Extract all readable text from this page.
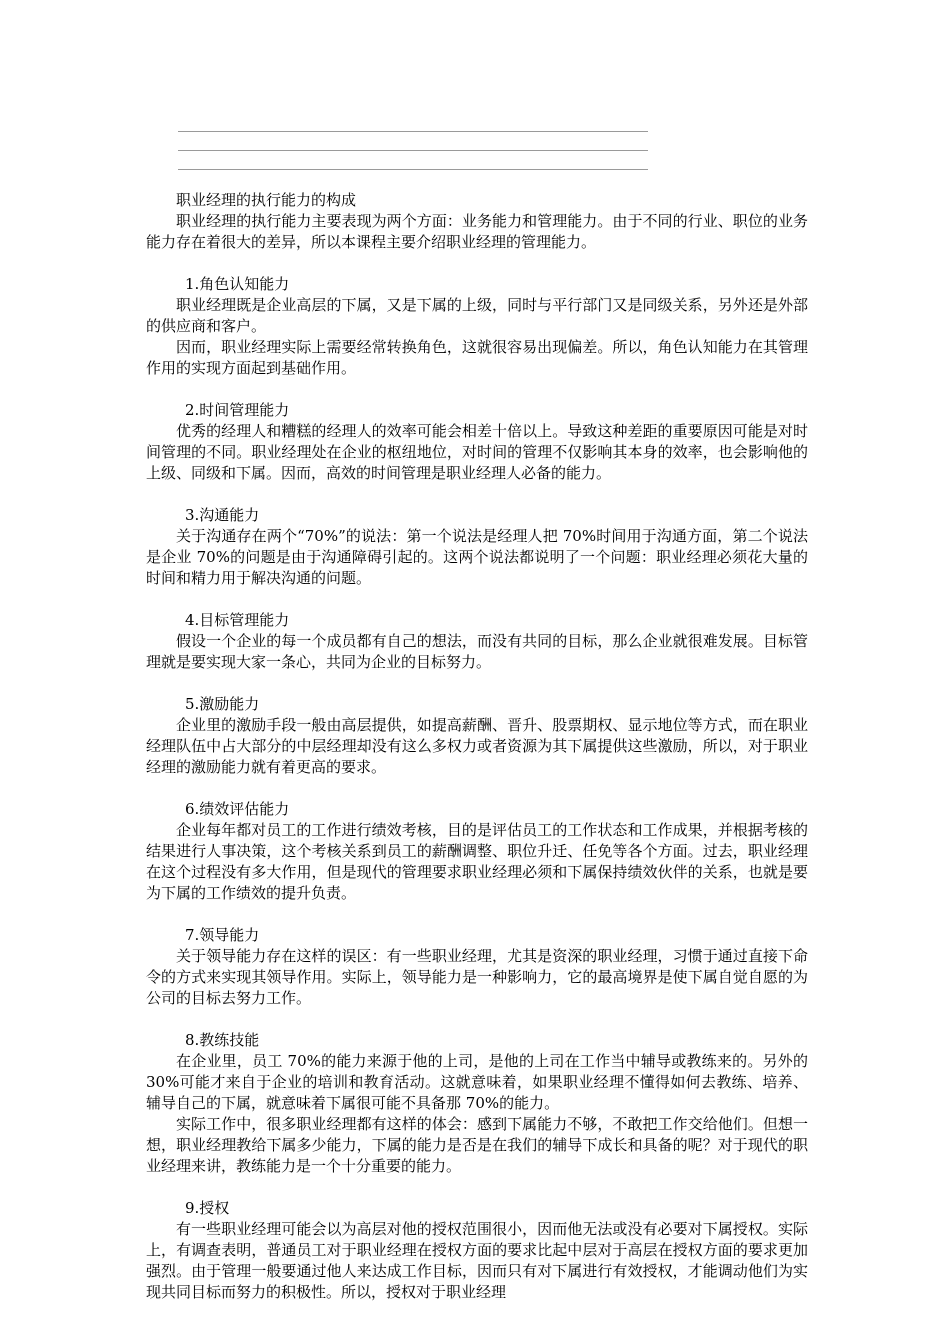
职业经理的执行能力的构成

职业经理的执行能力主要表现为两个方面：业务能力和管理能力。由于不同的行业、职位的业务能力存在着很大的差异，所以本课程主要介绍职业经理的管理能力。

1.角色认知能力

职业经理既是企业高层的下属，又是下属的上级，同时与平行部门又是同级关系，另外还是外部的供应商和客户。

因而，职业经理实际上需要经常转换角色，这就很容易出现偏差。所以，角色认知能力在其管理作用的实现方面起到基础作用。

2.时间管理能力

优秀的经理人和糟糕的经理人的效率可能会相差十倍以上。导致这种差距的重要原因可能是对时间管理的不同。职业经理处在企业的枢纽地位，对时间的管理不仅影响其本身的效率，也会影响他的上级、同级和下属。因而，高效的时间管理是职业经理人必备的能力。

3.沟通能力

关于沟通存在两个“70%”的说法：第一个说法是经理人把 70%时间用于沟通方面，第二个说法是企业 70%的问题是由于沟通障碍引起的。这两个说法都说明了一个问题：职业经理必须花大量的时间和精力用于解决沟通的问题。

4.目标管理能力

假设一个企业的每一个成员都有自己的想法，而没有共同的目标，那么企业就很难发展。目标管理就是要实现大家一条心，共同为企业的目标努力。

5.激励能力

企业里的激励手段一般由高层提供，如提高薪酬、晋升、股票期权、显示地位等方式，而在职业经理队伍中占大部分的中层经理却没有这么多权力或者资源为其下属提供这些激励，所以，对于职业经理的激励能力就有着更高的要求。

6.绩效评估能力

企业每年都对员工的工作进行绩效考核，目的是评估员工的工作状态和工作成果，并根据考核的结果进行人事决策，这个考核关系到员工的薪酬调整、职位升迁、任免等各个方面。过去，职业经理在这个过程没有多大作用，但是现代的管理要求职业经理必须和下属保持绩效伙伴的关系，也就是要为下属的工作绩效的提升负责。

7.领导能力

关于领导能力存在这样的误区：有一些职业经理，尤其是资深的职业经理，习惯于通过直接下命令的方式来实现其领导作用。实际上，领导能力是一种影响力，它的最高境界是使下属自觉自愿的为公司的目标去努力工作。

8.教练技能

在企业里，员工 70%的能力来源于他的上司，是他的上司在工作当中辅导或教练来的。另外的 30%可能才来自于企业的培训和教育活动。这就意味着，如果职业经理不懂得如何去教练、培养、辅导自己的下属，就意味着下属很可能不具备那 70%的能力。

实际工作中，很多职业经理都有这样的体会：感到下属能力不够，不敢把工作交给他们。但想一想，职业经理教给下属多少能力，下属的能力是否是在我们的辅导下成长和具备的呢？对于现代的职业经理来讲，教练能力是一个十分重要的能力。

9.授权

有一些职业经理可能会以为高层对他的授权范围很小，因而他无法或没有必要对下属授权。实际上，有调查表明，普通员工对于职业经理在授权方面的要求比起中层对于高层在授权方面的要求更加强烈。由于管理一般要通过他人来达成工作目标，因而只有对下属进行有效授权，才能调动他们为实现共同目标而努力的积极性。所以，授权对于职业经理
